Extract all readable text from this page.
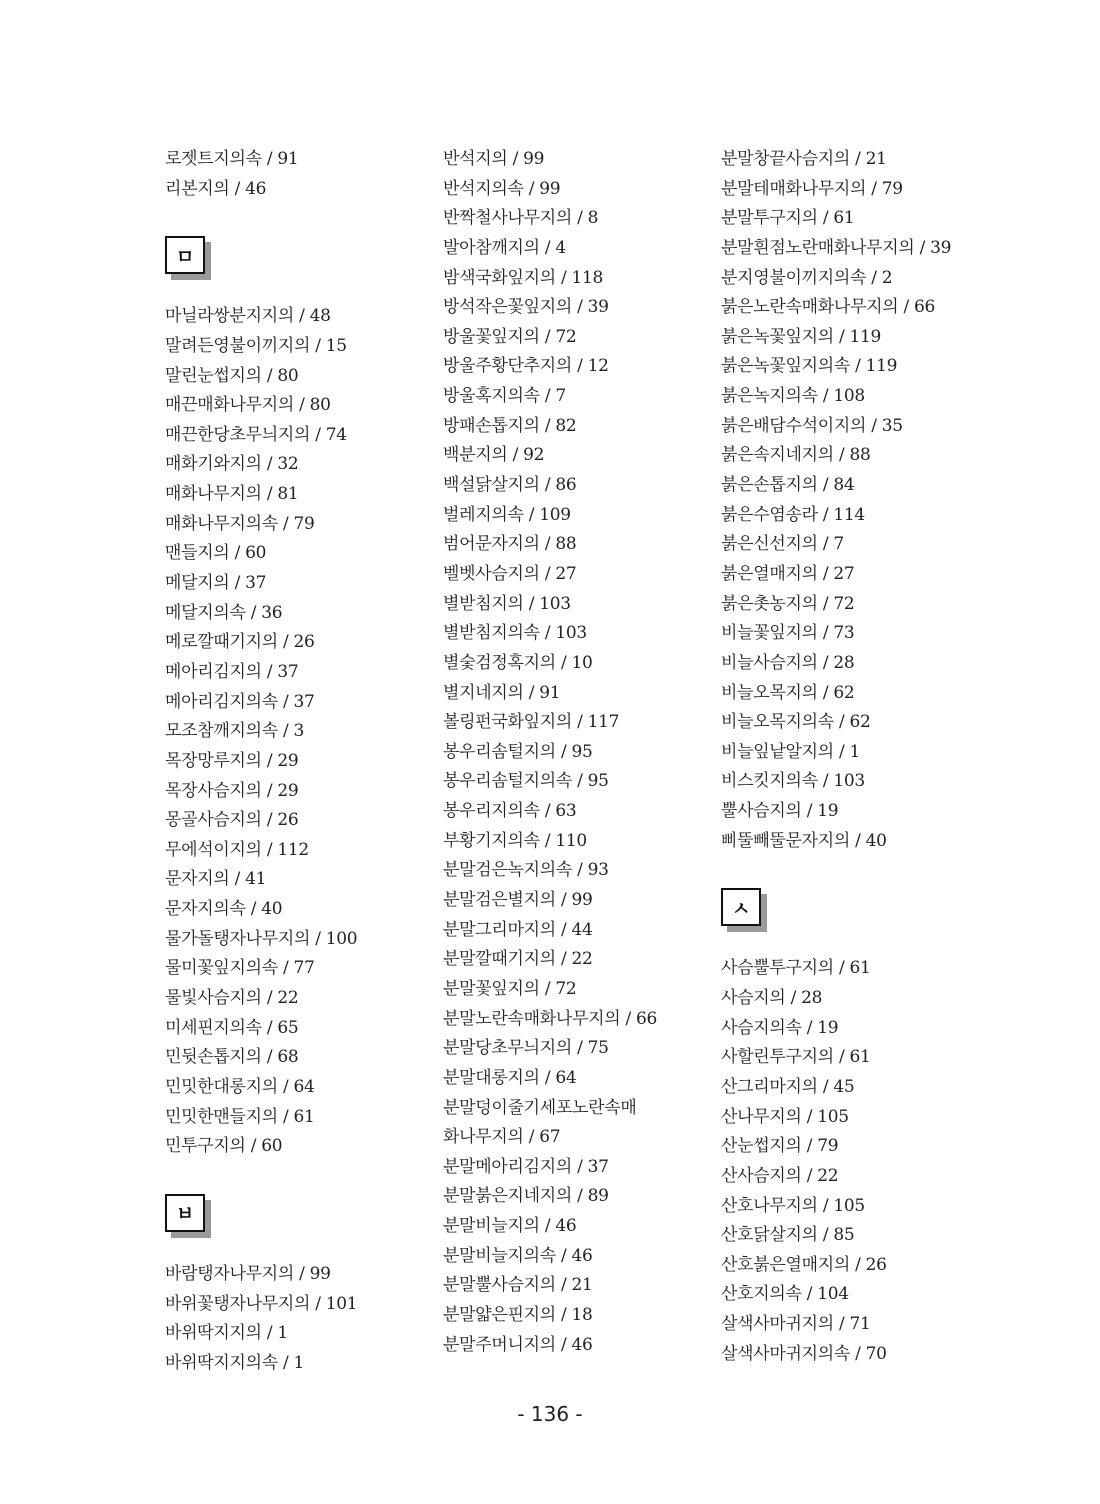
로젯트지의속 / 91
리본지의 / 46
ㅁ
마닐라쌍분지지의 / 48
말려든영불이끼지의 / 15
말린눈썹지의 / 80
매끈매화나무지의 / 80
매끈한당초무늬지의 / 74
매화기와지의 / 32
매화나무지의 / 81
매화나무지의속 / 79
맨들지의 / 60
메달지의 / 37
메달지의속 / 36
메로깔때기지의 / 26
메아리김지의 / 37
메아리김지의속 / 37
모조참깨지의속 / 3
목장망루지의 / 29
목장사슴지의 / 29
몽골사슴지의 / 26
무에석이지의 / 112
문자지의 / 41
문자지의속 / 40
물가돌탱자나무지의 / 100
물미꽃잎지의속 / 77
물빛사슴지의 / 22
미세핀지의속 / 65
민뒷손톱지의 / 68
민밋한대롱지의 / 64
민밋한맨들지의 / 61
민투구지의 / 60
ㅂ
바람탱자나무지의 / 99
바위꽃탱자나무지의 / 101
바위딱지지의 / 1
바위딱지지의속 / 1
반석지의 / 99
반석지의속 / 99
반짝철사나무지의 / 8
발아참깨지의 / 4
밤색국화잎지의 / 118
방석작은꽃잎지의 / 39
방울꽃잎지의 / 72
방울주황단추지의 / 12
방울혹지의속 / 7
방패손톱지의 / 82
백분지의 / 92
백설닭살지의 / 86
벌레지의속 / 109
범어문자지의 / 88
벨벳사슴지의 / 27
별받침지의 / 103
별받침지의속 / 103
별숯검정혹지의 / 10
별지네지의 / 91
볼링펀국화잎지의 / 117
봉우리솜털지의 / 95
봉우리솜털지의속 / 95
봉우리지의속 / 63
부황기지의속 / 110
분말검은녹지의속 / 93
분말검은별지의 / 99
분말그리마지의 / 44
분말깔때기지의 / 22
분말꽃잎지의 / 72
분말노란속매화나무지의 / 66
분말당초무늬지의 / 75
분말대롱지의 / 64
분말덩이줄기세포노란속매
화나무지의 / 67
분말메아리김지의 / 37
분말붉은지네지의 / 89
분말비늘지의 / 46
분말비늘지의속 / 46
분말뿔사슴지의 / 21
분말얇은핀지의 / 18
분말주머니지의 / 46
분말창끝사슴지의 / 21
분말테매화나무지의 / 79
분말투구지의 / 61
분말흰점노란매화나무지의 / 39
분지영불이끼지의속 / 2
붉은노란속매화나무지의 / 66
붉은녹꽃잎지의 / 119
붉은녹꽃잎지의속 / 119
붉은녹지의속 / 108
붉은배담수석이지의 / 35
붉은속지네지의 / 88
붉은손톱지의 / 84
붉은수염송라 / 114
붉은신선지의 / 7
붉은열매지의 / 27
붉은촛농지의 / 72
비늘꽃잎지의 / 73
비늘사슴지의 / 28
비늘오목지의 / 62
비늘오목지의속 / 62
비늘잎낱알지의 / 1
비스킷지의속 / 103
뿔사슴지의 / 19
삐뚤빼뚤문자지의 / 40
ㅅ
사슴뿔투구지의 / 61
사슴지의 / 28
사슴지의속 / 19
사할린투구지의 / 61
산그리마지의 / 45
산나무지의 / 105
산눈썹지의 / 79
산사슴지의 / 22
산호나무지의 / 105
산호닭살지의 / 85
산호붉은열매지의 / 26
산호지의속 / 104
살색사마귀지의 / 71
살색사마귀지의속 / 70
- 136 -
